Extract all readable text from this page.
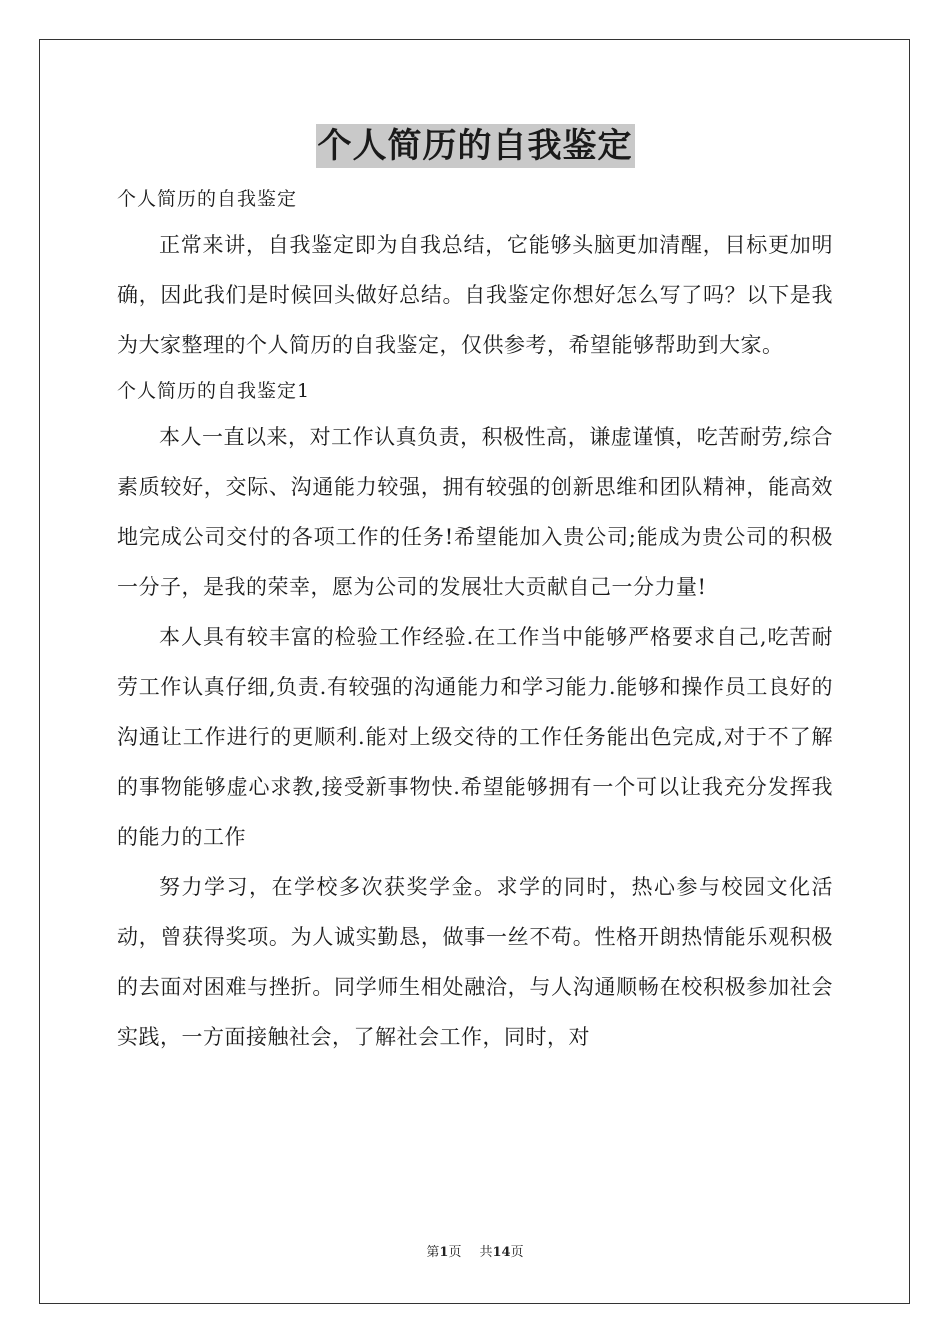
个人简历的自我鉴定

个人简历的自我鉴定

正常来讲，自我鉴定即为自我总结，它能够头脑更加清醒，目标更加明确，因此我们是时候回头做好总结。自我鉴定你想好怎么写了吗？以下是我为大家整理的个人简历的自我鉴定，仅供参考，希望能够帮助到大家。

个人简历的自我鉴定1

本人一直以来，对工作认真负责，积极性高，谦虚谨慎，吃苦耐劳,综合素质较好，交际、沟通能力较强，拥有较强的创新思维和团队精神，能高效地完成公司交付的各项工作的任务!希望能加入贵公司;能成为贵公司的积极一分子，是我的荣幸，愿为公司的发展壮大贡献自己一分力量!

本人具有较丰富的检验工作经验.在工作当中能够严格要求自己,吃苦耐劳工作认真仔细,负责.有较强的沟通能力和学习能力.能够和操作员工良好的沟通让工作进行的更顺利.能对上级交待的工作任务能出色完成,对于不了解的事物能够虚心求教,接受新事物快.希望能够拥有一个可以让我充分发挥我的能力的工作

努力学习，在学校多次获奖学金。求学的同时，热心参与校园文化活动，曾获得奖项。为人诚实勤恳，做事一丝不苟。性格开朗热情能乐观积极的去面对困难与挫折。同学师生相处融洽，与人沟通顺畅在校积极参加社会实践，一方面接触社会，了解社会工作，同时，对

第1页 共14页
